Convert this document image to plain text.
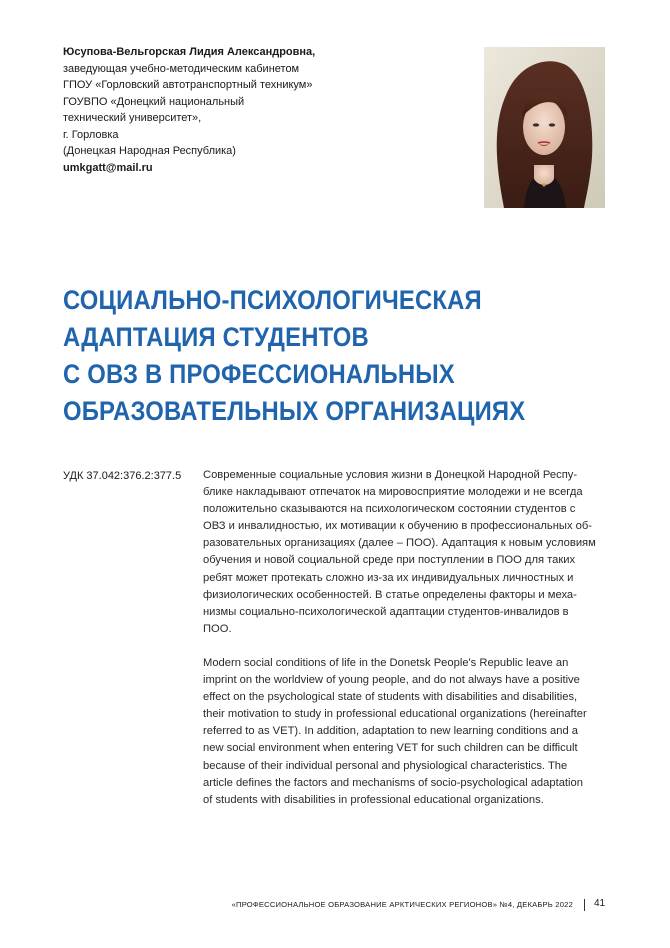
Юсупова-Вельгорская Лидия Александровна,
заведующая учебно-методическим кабинетом
ГПОУ «Горловский автотранспортный техникум»
ГОУВПО «Донецкий национальный
технический университет»,
г. Горловка
(Донецкая Народная Республика)
umkgatt@mail.ru
СОЦИАЛЬНО-ПСИХОЛОГИЧЕСКАЯ
АДАПТАЦИЯ СТУДЕНТОВ
С ОВЗ В ПРОФЕССИОНАЛЬНЫХ
ОБРАЗОВАТЕЛЬНЫХ ОРГАНИЗАЦИЯХ
УДК 37.042:376.2:377.5 Современные социальные условия жизни в Донецкой Народной Респу-
блике накладывают отпечаток на мировосприятие молодежи и не всегда
положительно сказываются на психологическом состоянии студентов с
ОВЗ и инвалидностью, их мотивации к обучению в профессиональных об-
разовательных организациях (далее – ПОО). Адаптация к новым условиям
обучения и новой социальной среде при поступлении в ПОО для таких
ребят может протекать сложно из-за их индивидуальных личностных и
физиологических особенностей. В статье определены факторы и меха-
низмы социально-психологической адаптации студентов-инвалидов в
ПОО.
Modern social conditions of life in the Donetsk People's Republic leave an
imprint on the worldview of young people, and do not always have a positive
effect on the psychological state of students with disabilities and disabilities,
their motivation to study in professional educational organizations (hereinafter
referred to as VET). In addition, adaptation to new learning conditions and a
new social environment when entering VET for such children can be difficult
because of their individual personal and physiological characteristics. The
article defines the factors and mechanisms of socio-psychological adaptation
of students with disabilities in professional educational organizations.
«ПРОФЕССИОНАЛЬНОЕ ОБРАЗОВАНИЕ АРКТИЧЕСКИХ РЕГИОНОВ» №4, ДЕКАБРЬ 2022 41
